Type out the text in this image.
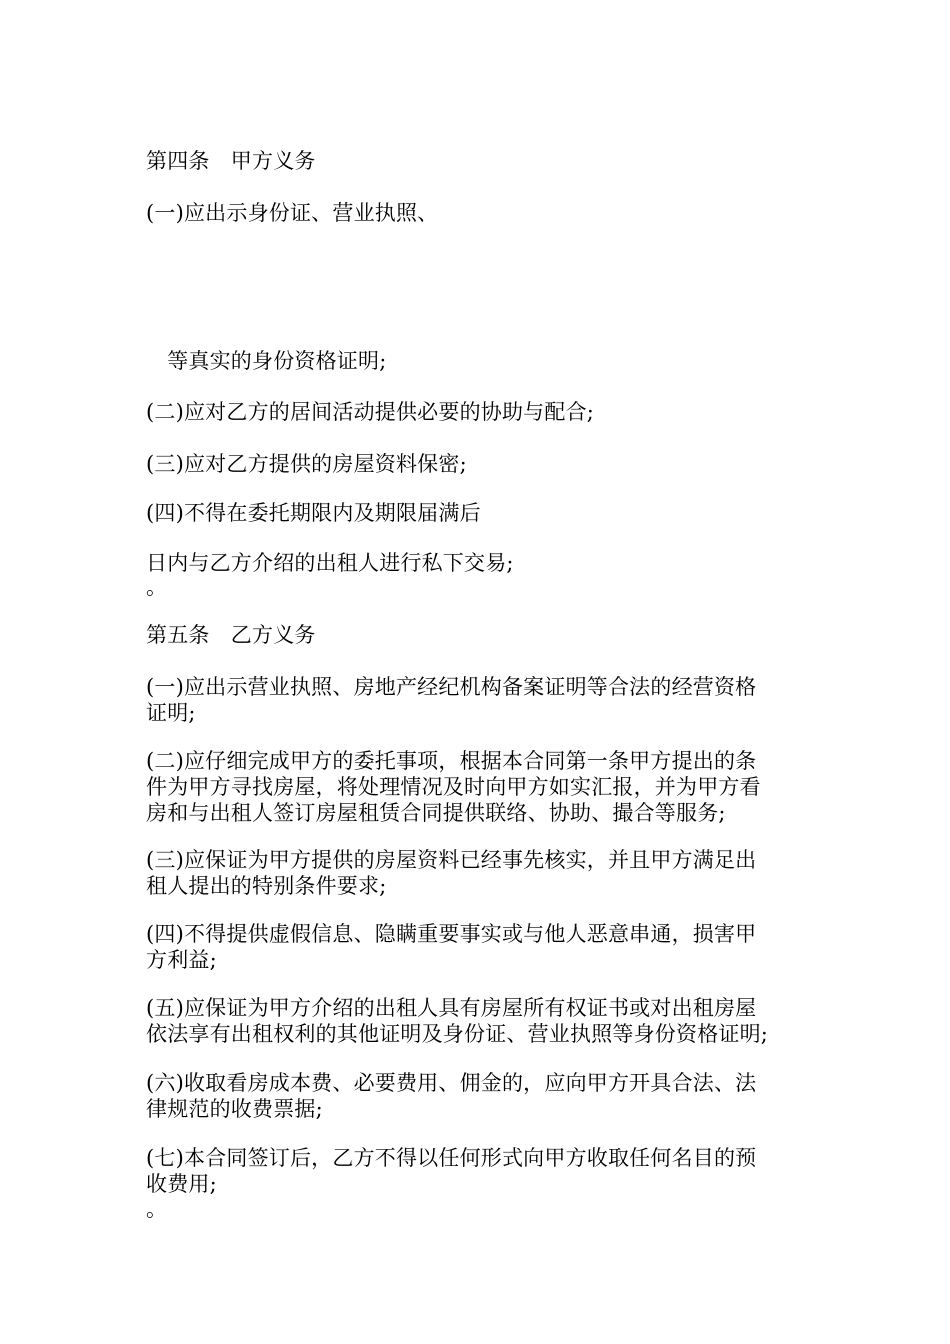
第四条　甲方义务
(一)应出示身份证、营业执照、
　等真实的身份资格证明;
(二)应对乙方的居间活动提供必要的协助与配合;
(三)应对乙方提供的房屋资料保密;
(四)不得在委托期限内及期限届满后
日内与乙方介绍的出租人进行私下交易;
。
第五条　乙方义务
(一)应出示营业执照、房地产经纪机构备案证明等合法的经营资格
证明;
(二)应仔细完成甲方的委托事项，根据本合同第一条甲方提出的条
件为甲方寻找房屋，将处理情况及时向甲方如实汇报，并为甲方看
房和与出租人签订房屋租赁合同提供联络、协助、撮合等服务;
(三)应保证为甲方提供的房屋资料已经事先核实，并且甲方满足出
租人提出的特别条件要求;
(四)不得提供虚假信息、隐瞒重要事实或与他人恶意串通，损害甲
方利益;
(五)应保证为甲方介绍的出租人具有房屋所有权证书或对出租房屋
依法享有出租权利的其他证明及身份证、营业执照等身份资格证明;
(六)收取看房成本费、必要费用、佣金的，应向甲方开具合法、法
律规范的收费票据;
(七)本合同签订后，乙方不得以任何形式向甲方收取任何名目的预
收费用;
。
